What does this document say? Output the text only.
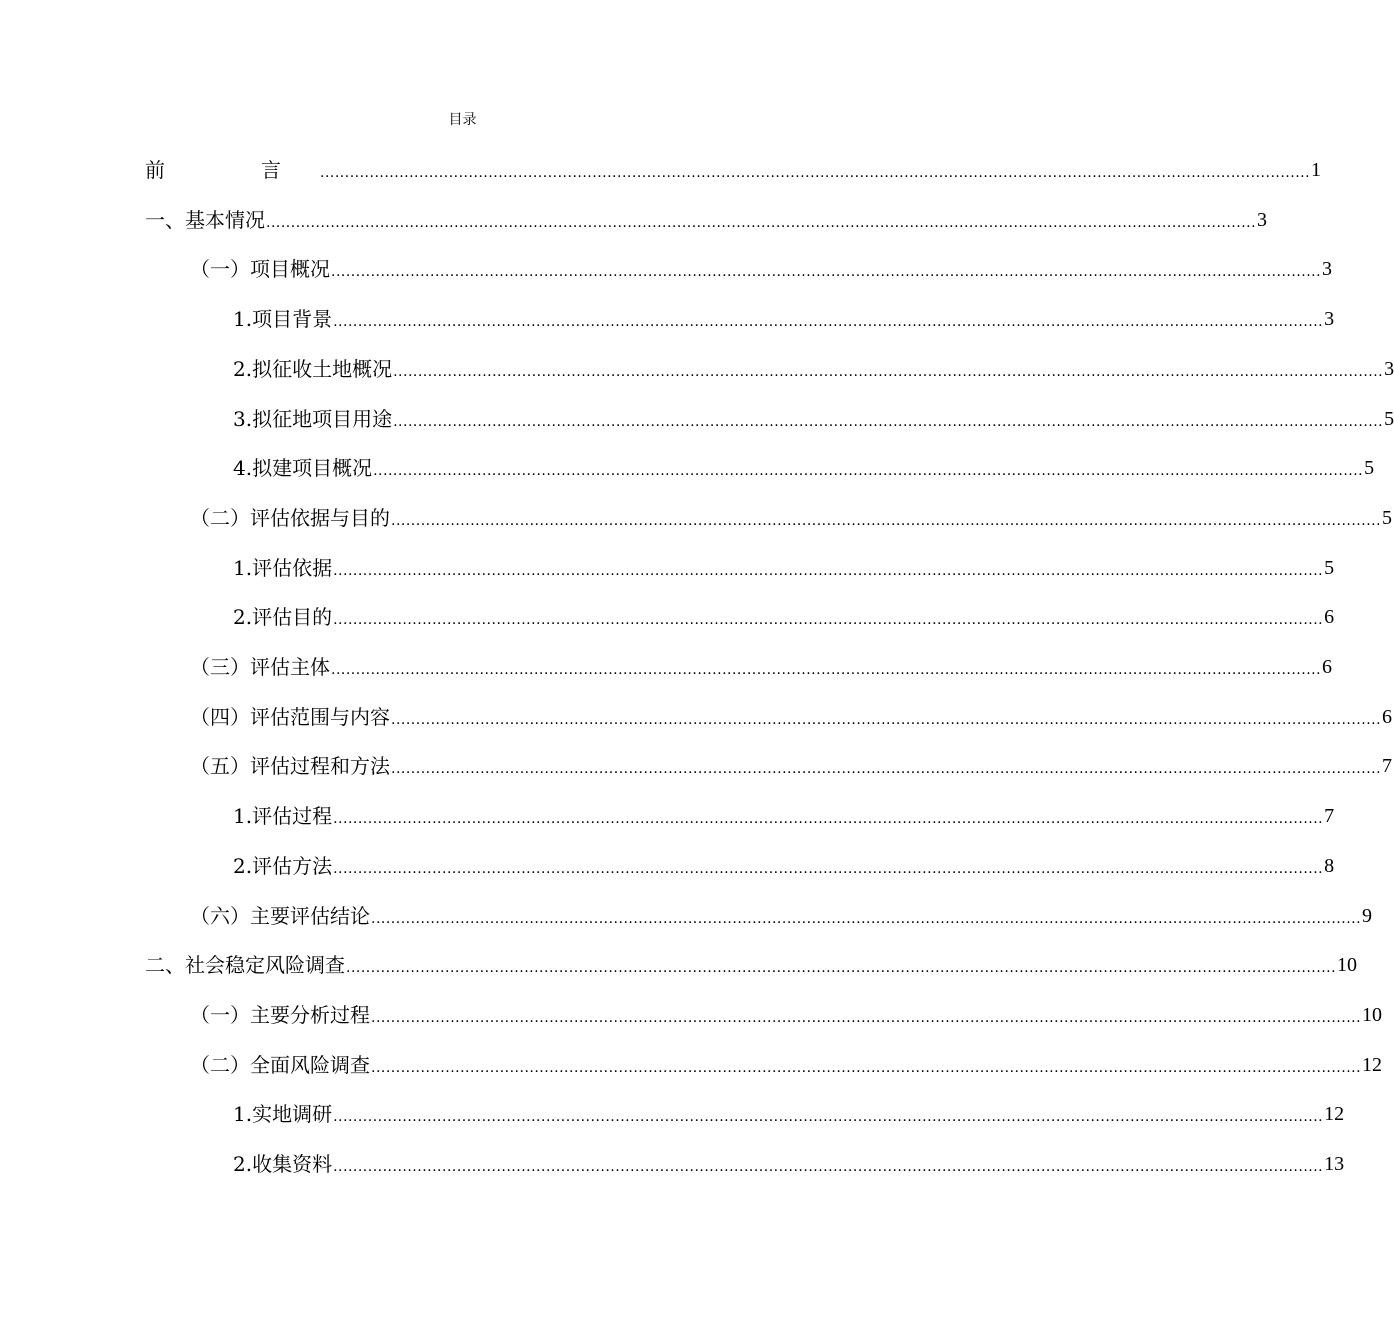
目录
前　言 ........................................................................................................................................................................................................ 1
一、基本情况 ........................................................................................................................................................................................................ 3
（一）项目概况 ........................................................................................................................................................................................................ 3
1.项目背景 ........................................................................................................................................................................................................ 3
2.拟征收土地概况 ........................................................................................................................................................................................................ 3
3.拟征地项目用途 ........................................................................................................................................................................................................ 5
4.拟建项目概况 ........................................................................................................................................................................................................ 5
（二）评估依据与目的 ........................................................................................................................................................................................................ 5
1.评估依据 ........................................................................................................................................................................................................ 5
2.评估目的 ........................................................................................................................................................................................................ 6
（三）评估主体 ........................................................................................................................................................................................................ 6
（四）评估范围与内容 ........................................................................................................................................................................................................ 6
（五）评估过程和方法 ........................................................................................................................................................................................................ 7
1.评估过程 ........................................................................................................................................................................................................ 7
2.评估方法 ........................................................................................................................................................................................................ 8
（六）主要评估结论 ........................................................................................................................................................................................................ 9
二、社会稳定风险调查 ........................................................................................................................................................................................................ 10
（一）主要分析过程 ........................................................................................................................................................................................................ 10
（二）全面风险调查 ........................................................................................................................................................................................................ 12
1.实地调研 ........................................................................................................................................................................................................ 12
2.收集资料 ........................................................................................................................................................................................................ 13
